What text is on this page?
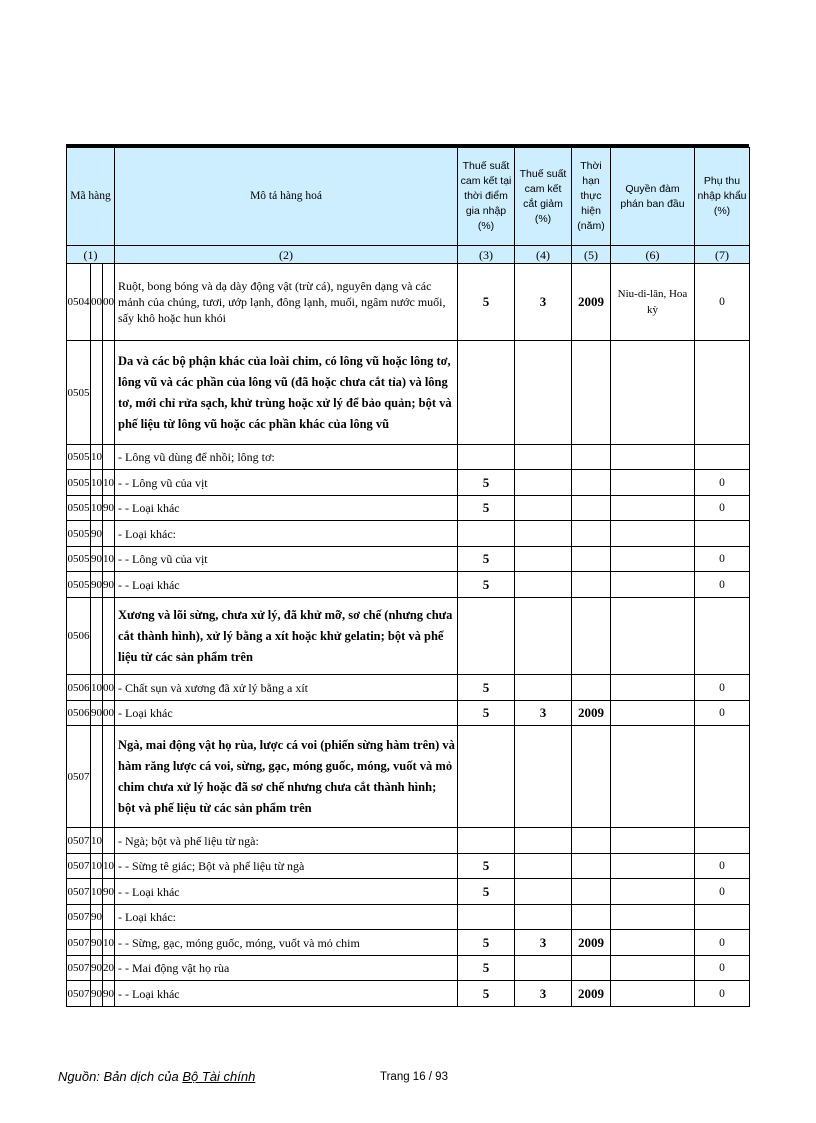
Mã hàng			Mô tả hàng hoá	Thuế suất cam kết tại thời điểm gia nhập (%)	Thuế suất cam kết cắt giảm (%)	Thời hạn thực hiện (năm)	Quyền đàm phán ban đầu	Phụ thu nhập khẩu (%)
(1)			(2)	(3)	(4)	(5)	(6)	(7)
0504	00	00	Ruột, bong bóng và dạ dày động vật (trừ cá), nguyên dạng và các mảnh của chúng, tươi, ướp lạnh, đông lạnh, muối, ngâm nước muối, sấy khô hoặc hun khói	5	3	2009	Niu-di-lân, Hoa kỳ	0
0505			Da và các bộ phận khác của loài chim, có lông vũ hoặc lông tơ, lông vũ và các phần của lông vũ (đã hoặc chưa cắt tỉa) và lông tơ, mới chỉ rửa sạch, khử trùng hoặc xử lý để bảo quản; bột và phế liệu từ lông vũ hoặc các phần khác của lông vũ					
0505	10		- Lông vũ dùng để nhồi; lông tơ:					
0505	10	10	- - Lông vũ của vịt	5				0
0505	10	90	- - Loại khác	5				0
0505	90		- Loại khác:					
0505	90	10	- - Lông vũ của vịt	5				0
0505	90	90	- - Loại khác	5				0
0506			Xương và lõi sừng, chưa xử lý, đã khử mỡ, sơ chế (nhưng chưa cắt thành hình), xử lý bằng a xít hoặc khử gelatin; bột và phế liệu từ các sản phẩm trên					
0506	10	00	- Chất sụn và xương đã xử lý bằng a xít	5				0
0506	90	00	- Loại khác	5	3	2009		0
0507			Ngà, mai động vật họ rùa, lược cá voi (phiến sừng hàm trên) và hàm răng lược cá voi, sừng, gạc, móng guốc, móng, vuốt và mỏ chim chưa xử lý hoặc đã sơ chế nhưng chưa cắt thành hình; bột và phế liệu từ các sản phẩm trên					
0507	10		- Ngà; bột và phế liệu từ ngà:					
0507	10	10	- - Sừng tê giác; Bột và phế liệu từ ngà	5				0
0507	10	90	- - Loại khác	5				0
0507	90		- Loại khác:					
0507	90	10	- - Sừng, gạc, móng guốc, móng, vuốt và mỏ chim	5	3	2009		0
0507	90	20	- - Mai động vật họ rùa	5				0
0507	90	90	- - Loại khác	5	3	2009		0
Nguồn: Bản dịch của Bộ Tài chính	Trang 16 / 93
